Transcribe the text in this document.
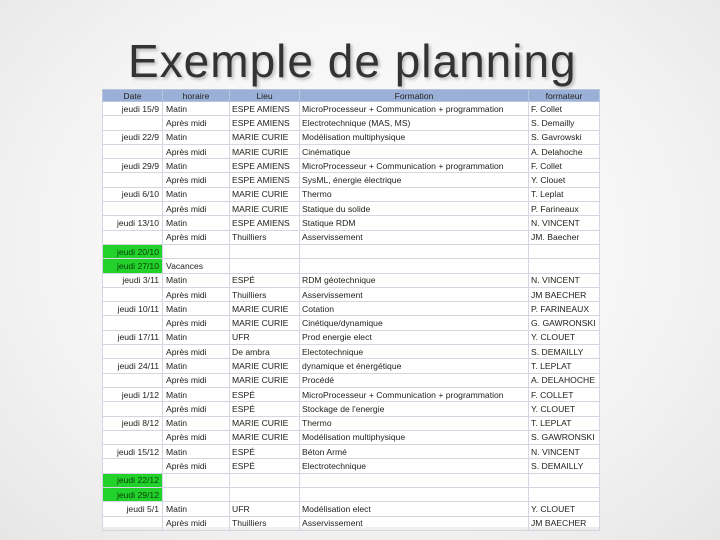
Exemple de planning
Date	horaire	Lieu	Formation	formateur
jeudi 15/9	Matin	ESPE AMIENS	MicroProcesseur + Communication + programmation	F. Collet
	Après midi	ESPE AMIENS	Electrotechnique (MAS, MS)	S. Demailly
jeudi 22/9	Matin	MARIE CURIE	Modélisation multiphysique	S. Gavrowski
	Après midi	MARIE CURIE	Cinématique	A. Delahoche
jeudi 29/9	Matin	ESPE AMIENS	MicroProcesseur + Communication + programmation	F. Collet
	Après midi	ESPE AMIENS	SysML, énergie électrique	Y. Clouet
jeudi 6/10	Matin	MARIE CURIE	Thermo	T. Leplat
	Après midi	MARIE CURIE	Statique du solide	P. Farineaux
jeudi 13/10	Matin	ESPE AMIENS	Statique RDM	N. VINCENT
	Après midi	Thuilliers	Asservissement	JM. Baecher
jeudi 20/10				
jeudi 27/10	Vacances			
jeudi 3/11	Matin	ESPÉ	RDM géotechnique	N. VINCENT
	Après midi	Thuilliers	Asservissement	JM BAECHER
jeudi 10/11	Matin	MARIE CURIE	Cotation	P. FARINEAUX
	Après midi	MARIE CURIE	Cinétique/dynamique	G. GAWRONSKI
jeudi 17/11	Matin	UFR	Prod energie elect	Y. CLOUET
	Après midi	De ambra	Electotechnique	S. DEMAILLY
jeudi 24/11	Matin	MARIE CURIE	dynamique et énergétique	T. LEPLAT
	Après midi	MARIE CURIE	Procédé	A. DELAHOCHE
jeudi 1/12	Matin	ESPÉ	MicroProcesseur + Communication + programmation	F. COLLET
	Après midi	ESPÉ	Stockage de l'energie	Y. CLOUET
jeudi 8/12	Matin	MARIE CURIE	Thermo	T. LEPLAT
	Après midi	MARIE CURIE	Modélisation multiphysique	S. GAWRONSKI
jeudi 15/12	Matin	ESPÉ	Béton Armé	N. VINCENT
	Après midi	ESPÉ	Electrotechnique	S. DEMAILLY
jeudi 22/12				
jeudi 29/12				
jeudi 5/1	Matin	UFR	Modélisation elect	Y. CLOUET
	Après midi	Thuilliers	Asservissement	JM BAECHER
